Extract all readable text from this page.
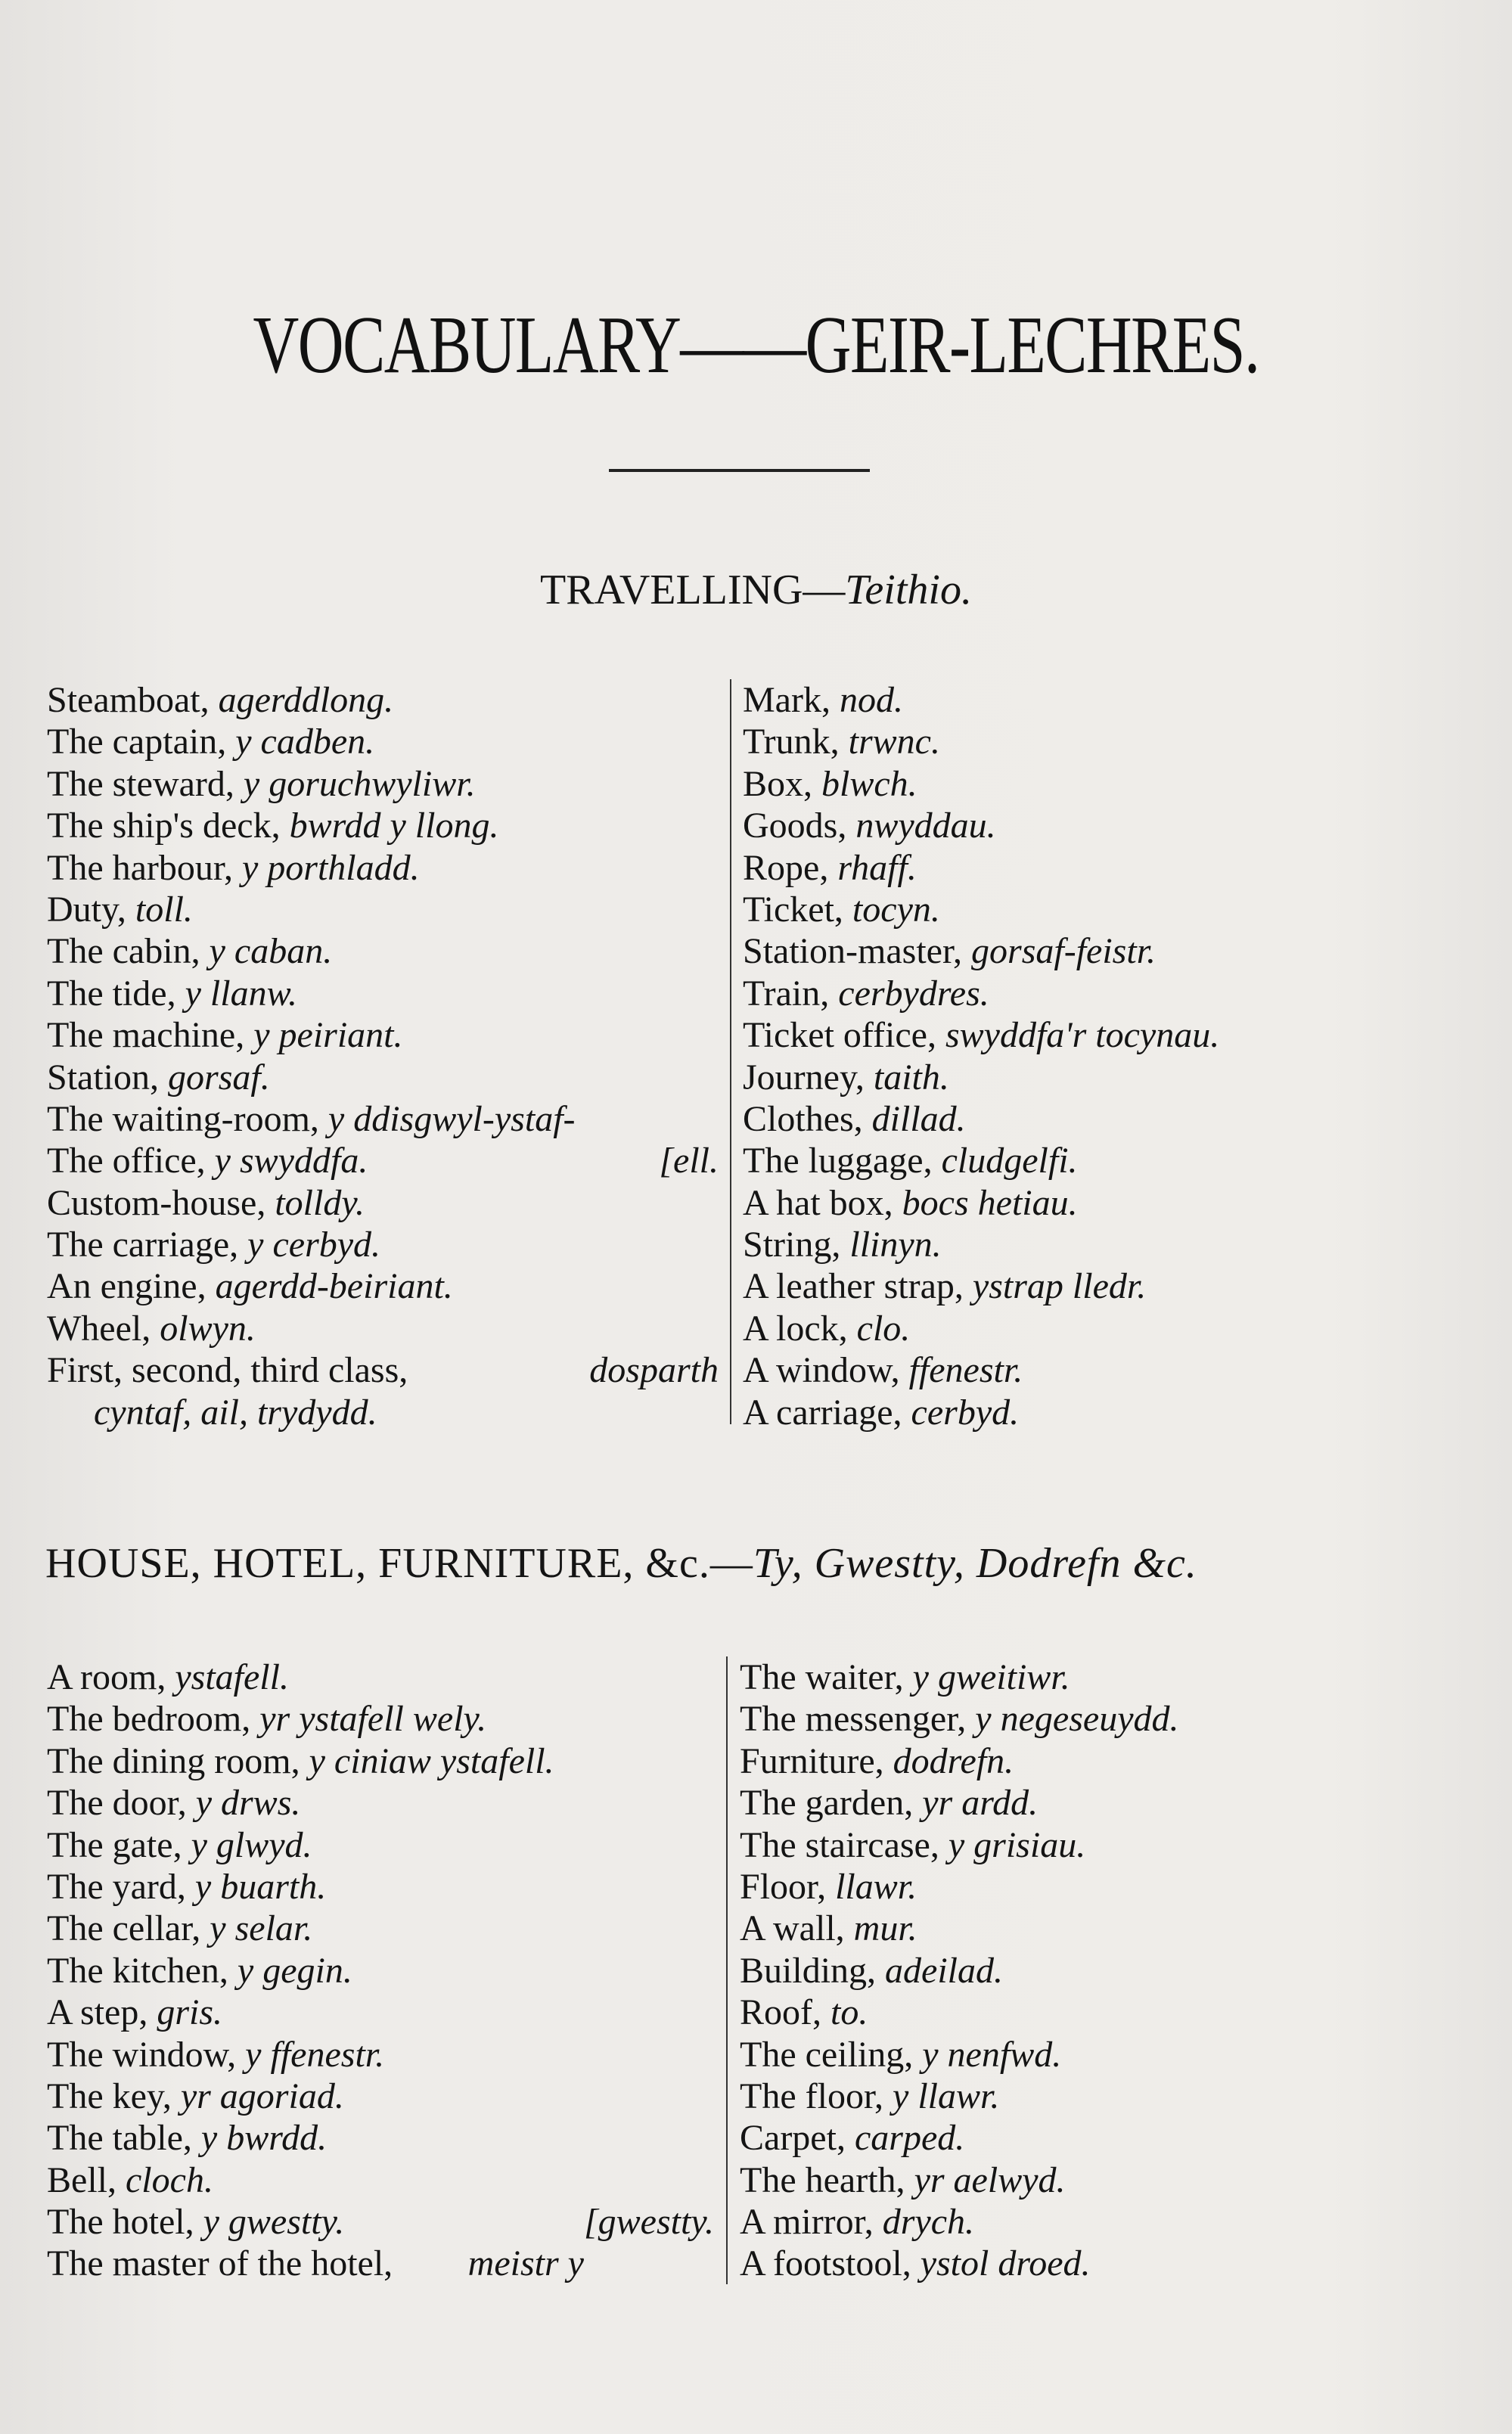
VOCABULARY——GEIR-LECHRES.
TRAVELLING—Teithio.
Steamboat, agerddlong.
The captain, y cadben.
The steward, y goruchwyliwr.
The ship's deck, bwrdd y llong.
The harbour, y porthladd.
Duty, toll.
The cabin, y caban.
The tide, y llanw.
The machine, y peiriant.
Station, gorsaf.
The waiting-room, y ddisgwyl-ystaf-
The office, y swyddfa.	[ell.
Custom-house, tolldy.
The carriage, y cerbyd.
An engine, agerdd-beiriant.
Wheel, olwyn.
First, second, third class,	dosparth
cyntaf, ail, trydydd.
Mark, nod.
Trunk, trwnc.
Box, blwch.
Goods, nwyddau.
Rope, rhaff.
Ticket, tocyn.
Station-master, gorsaf-feistr.
Train, cerbydres.
Ticket office, swyddfa'r tocynau.
Journey, taith.
Clothes, dillad.
The luggage, cludgelfi.
A hat box, bocs hetiau.
String, llinyn.
A leather strap, ystrap lledr.
A lock, clo.
A window, ffenestr.
A carriage, cerbyd.
HOUSE, HOTEL, FURNITURE, &c.—Ty, Gwestty, Dodrefn &c.
A room, ystafell.
The bedroom, yr ystafell wely.
The dining room, y ciniaw ystafell.
The door, y drws.
The gate, y glwyd.
The yard, y buarth.
The cellar, y selar.
The kitchen, y gegin.
A step, gris.
The window, y ffenestr.
The key, yr agoriad.
The table, y bwrdd.
Bell, cloch.
The hotel, y gwestty.	[gwestty.
The master of the hotel, meistr y
The waiter, y gweitiwr.
The messenger, y negeseuydd.
Furniture, dodrefn.
The garden, yr ardd.
The staircase, y grisiau.
Floor, llawr.
A wall, mur.
Building, adeilad.
Roof, to.
The ceiling, y nenfwd.
The floor, y llawr.
Carpet, carped.
The hearth, yr aelwyd.
A mirror, drych.
A footstool, ystol droed.
